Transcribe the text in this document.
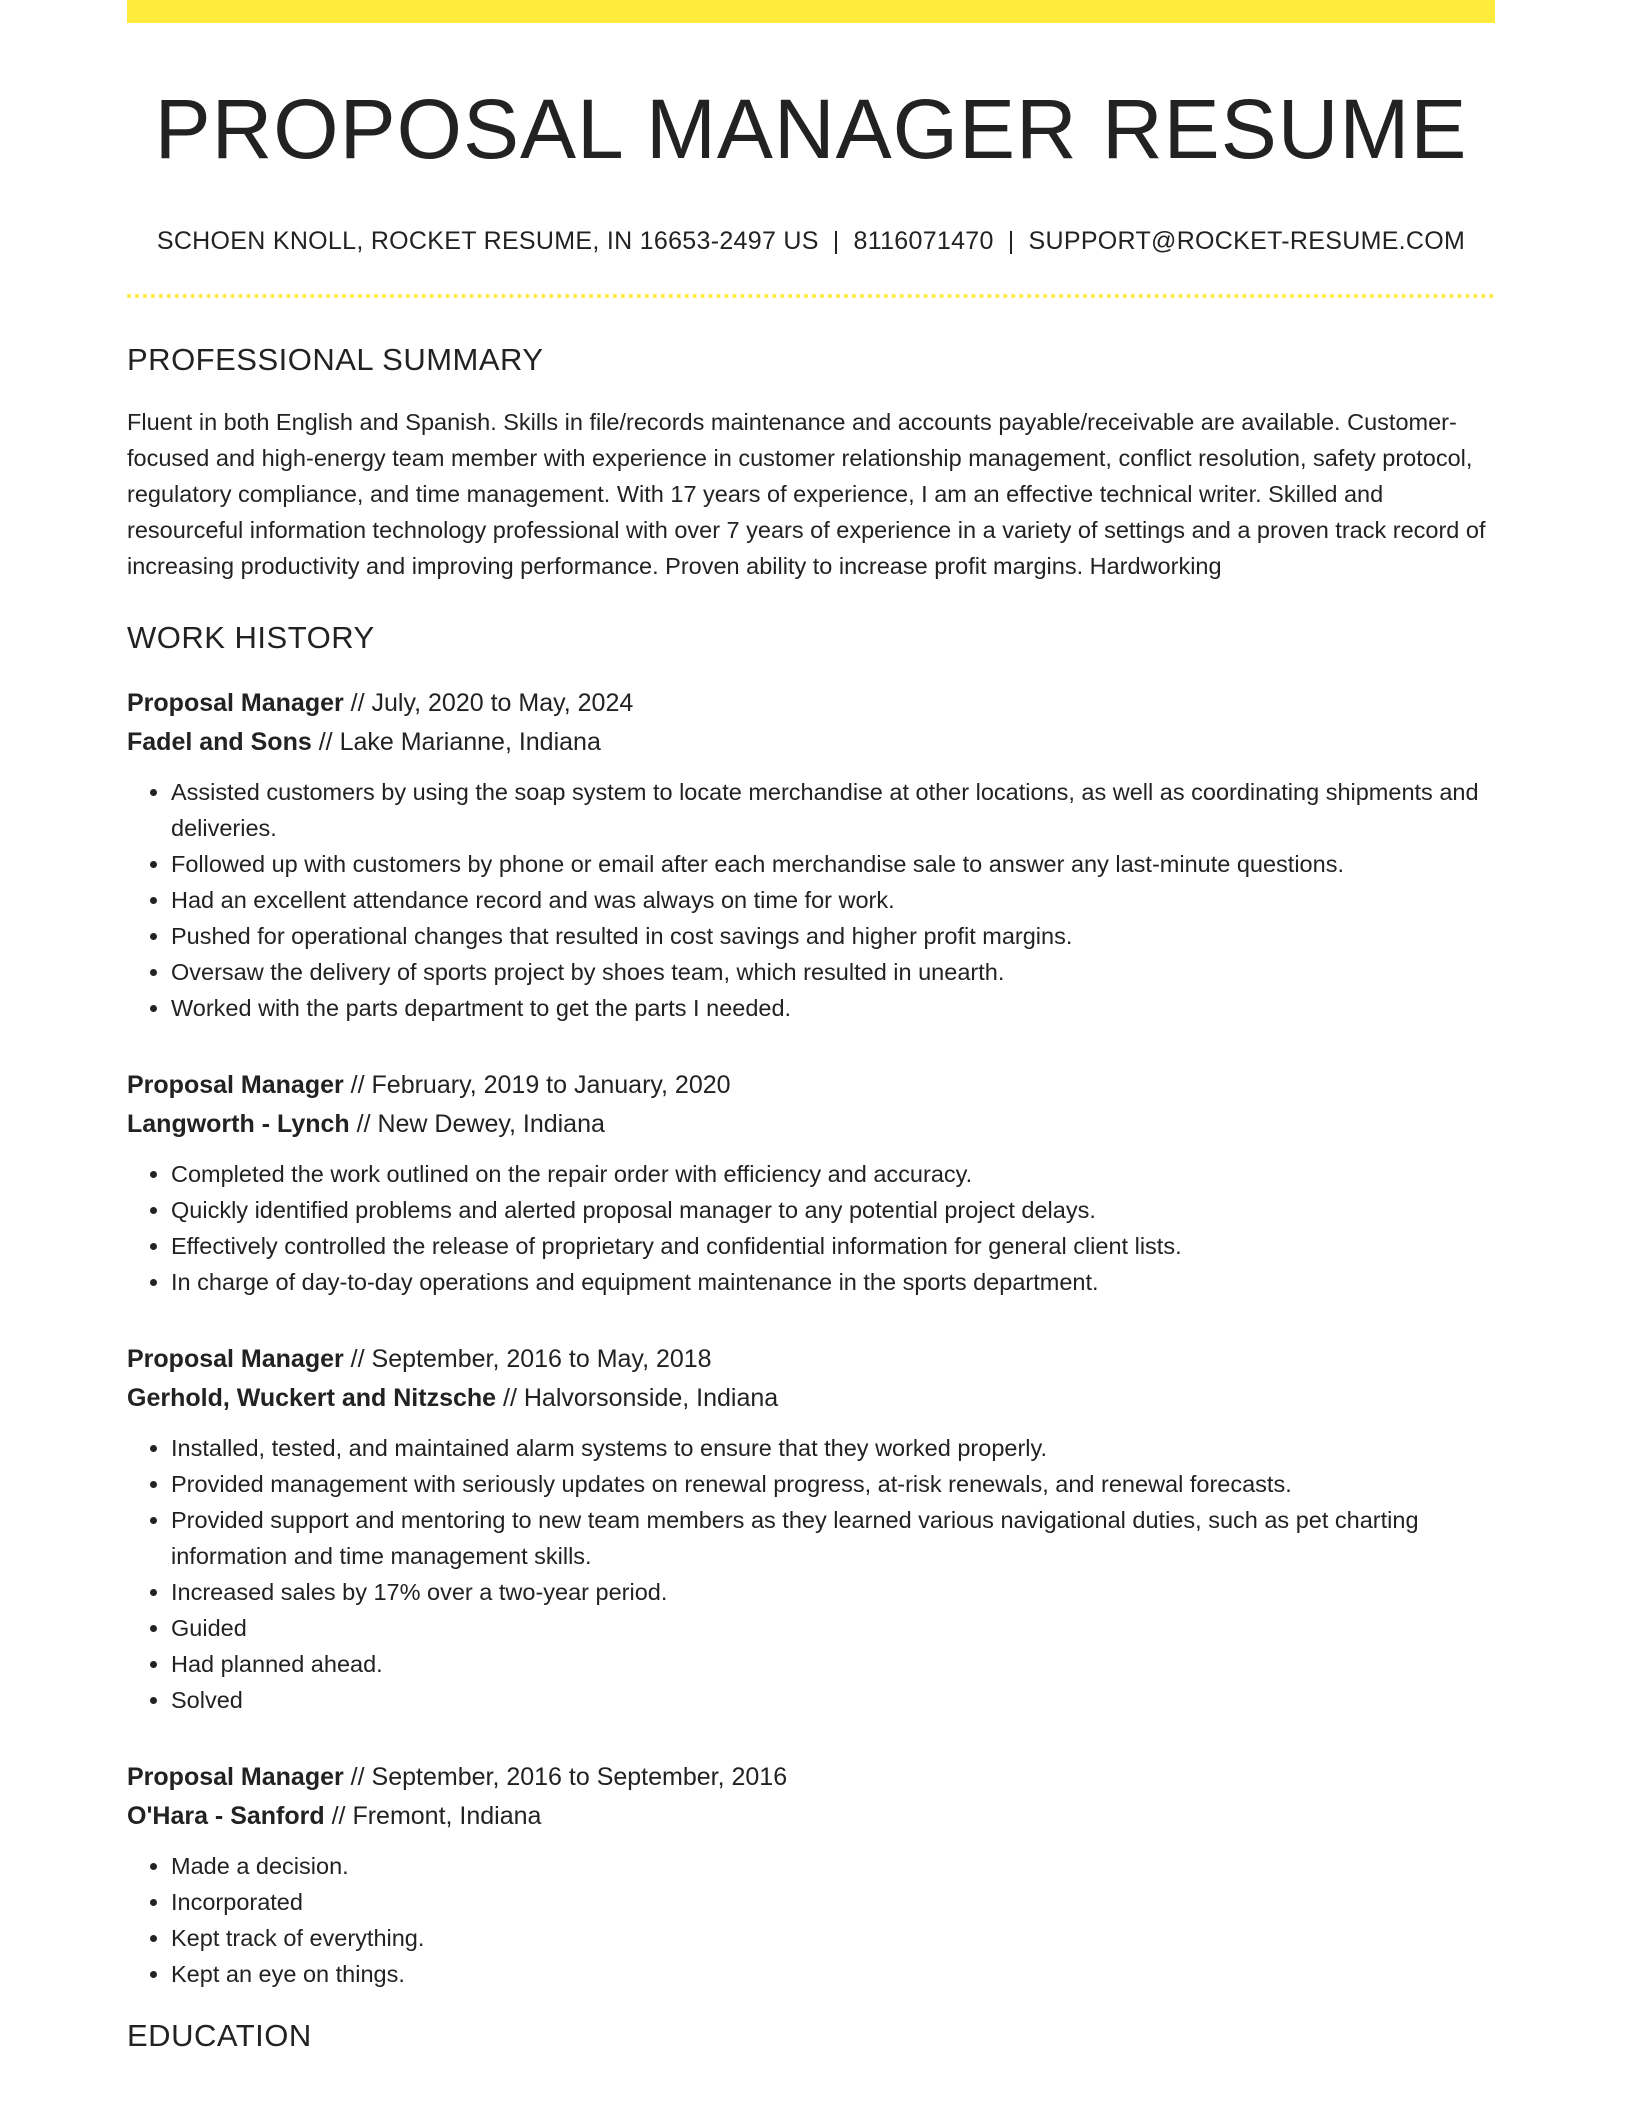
PROPOSAL MANAGER RESUME
SCHOEN KNOLL, ROCKET RESUME, IN 16653-2497 US | 8116071470 | SUPPORT@ROCKET-RESUME.COM
PROFESSIONAL SUMMARY
Fluent in both English and Spanish. Skills in file/records maintenance and accounts payable/receivable are available. Customer-focused and high-energy team member with experience in customer relationship management, conflict resolution, safety protocol, regulatory compliance, and time management. With 17 years of experience, I am an effective technical writer. Skilled and resourceful information technology professional with over 7 years of experience in a variety of settings and a proven track record of increasing productivity and improving performance. Proven ability to increase profit margins. Hardworking
WORK HISTORY
Proposal Manager // July, 2020 to May, 2024
Fadel and Sons // Lake Marianne, Indiana
• Assisted customers by using the soap system to locate merchandise at other locations, as well as coordinating shipments and deliveries.
• Followed up with customers by phone or email after each merchandise sale to answer any last-minute questions.
• Had an excellent attendance record and was always on time for work.
• Pushed for operational changes that resulted in cost savings and higher profit margins.
• Oversaw the delivery of sports project by shoes team, which resulted in unearth.
• Worked with the parts department to get the parts I needed.
Proposal Manager // February, 2019 to January, 2020
Langworth - Lynch // New Dewey, Indiana
• Completed the work outlined on the repair order with efficiency and accuracy.
• Quickly identified problems and alerted proposal manager to any potential project delays.
• Effectively controlled the release of proprietary and confidential information for general client lists.
• In charge of day-to-day operations and equipment maintenance in the sports department.
Proposal Manager // September, 2016 to May, 2018
Gerhold, Wuckert and Nitzsche // Halvorsonside, Indiana
• Installed, tested, and maintained alarm systems to ensure that they worked properly.
• Provided management with seriously updates on renewal progress, at-risk renewals, and renewal forecasts.
• Provided support and mentoring to new team members as they learned various navigational duties, such as pet charting information and time management skills.
• Increased sales by 17% over a two-year period.
• Guided
• Had planned ahead.
• Solved
Proposal Manager // September, 2016 to September, 2016
O'Hara - Sanford // Fremont, Indiana
• Made a decision.
• Incorporated
• Kept track of everything.
• Kept an eye on things.
EDUCATION
